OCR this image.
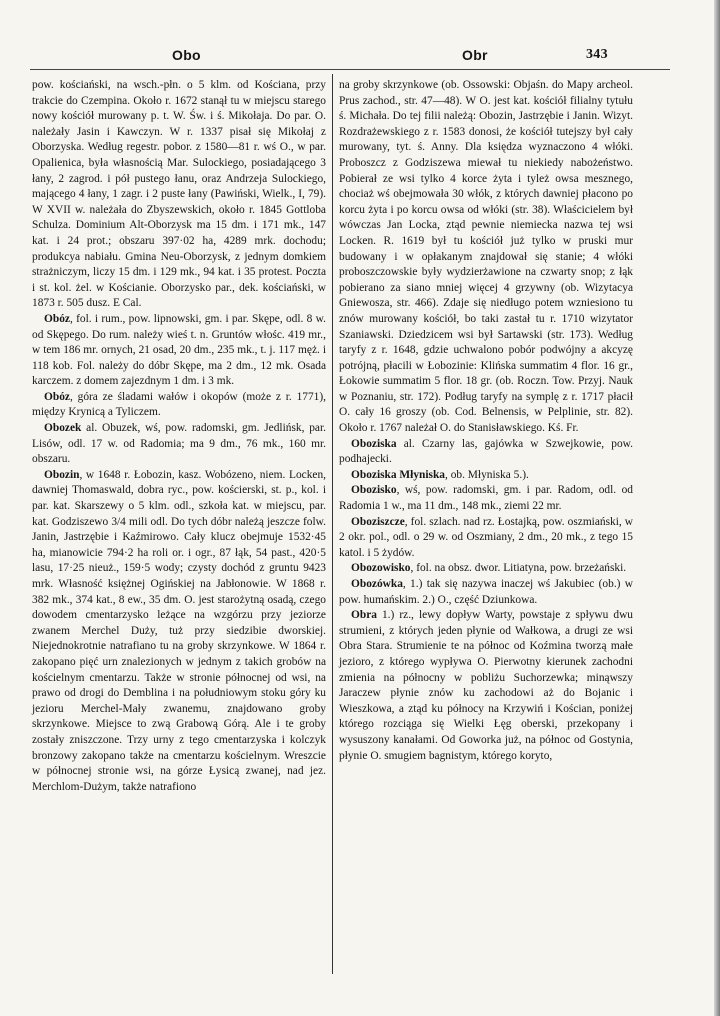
Obo	Obr	343

pow. kościański, na wsch.-płn. o 5 klm. od Kościana, przy trakcie do Czempina. Około r. 1672 stanął tu w miejscu starego nowy kościół murowany p. t. W. Św. i ś. Mikołaja. Do par. O. należały Jasin i Kawczyn. W r. 1337 pisał się Mikołaj z Oborzyska. Według regestr. pobor. z 1580—81 r. wś O., w par. Opalienica, była własnością Mar. Sulockiego, posiadającego 3 łany, 2 zagrod. i pół pustego łanu, oraz Andrzeja Sulockiego, mającego 4 łany, 1 zagr. i 2 puste łany (Pawiński, Wielk., I, 79). W XVII w. należała do Zbyszewskich, około r. 1845 Gottloba Schulza. Dominium Alt-Oborzysk ma 15 dm. i 171 mk., 147 kat. i 24 prot.; obszaru 397·02 ha, 4289 mrk. dochodu; produkcya nabiału. Gmina Neu-Oborzysk, z jednym domkiem strażniczym, liczy 15 dm. i 129 mk., 94 kat. i 35 protest. Poczta i st. kol. żel. w Kościanie. Oborzysko par., dek. kościański, w 1873 r. 505 dusz. E Cal.

Obóz, fol. i rum., pow. lipnowski, gm. i par. Skępe, odl. 8 w. od Skępego. Do rum. należy wieś t. n. Gruntów włośc. 419 mr., w tem 186 mr. ornych, 21 osad, 20 dm., 235 mk., t. j. 117 męż. i 118 kob. Fol. należy do dóbr Skępe, ma 2 dm., 12 mk. Osada karczem. z domem zajezdnym 1 dm. i 3 mk.

Obóz, góra ze śladami wałów i okopów (może z r. 1771), między Krynicą a Tyliczem.

Obozek al. Obuzek, wś, pow. radomski, gm. Jedlińsk, par. Lisów, odl. 17 w. od Radomia; ma 9 dm., 76 mk., 160 mr. obszaru.

Obozin, w 1648 r. Łobozin, kasz. Wobózeno, niem. Locken, dawniej Thomaswald, dobra ryc., pow. kościerski, st. p., kol. i par. kat. Skarszewy o 5 klm. odl., szkoła kat. w miejscu, par. kat. Godziszewo 3/4 mili odl. Do tych dóbr należą jeszcze folw. Janin, Jastrzębie i Kaźmirowo. Cały klucz obejmuje 1532·45 ha, mianowicie 794·2 ha roli or. i ogr., 87 łąk, 54 past., 420·5 lasu, 17·25 nieuż., 159·5 wody; czysty dochód z gruntu 9423 mrk. Własność księżnej Ogińskiej na Jabłonowie. W 1868 r. 382 mk., 374 kat., 8 ew., 35 dm. O. jest starożytną osadą, czego dowodem cmentarzysko leżące na wzgórzu przy jeziorze zwanem Merchel Duży, tuż przy siedzibie dworskiej. Niejednokrotnie natrafiano tu na groby skrzynkowe. W 1864 r. zakopano pięć urn znalezionych w jednym z takich grobów na kościelnym cmentarzu. Także w stronie północnej od wsi, na prawo od drogi do Demblina i na południowym stoku góry ku jezioru Merchel-Mały zwanemu, znajdowano groby skrzynkowe. Miejsce to zwą Grabową Górą. Ale i te groby zostały zniszczone. Trzy urny z tego cmentarzyska i kolczyk bronzowy zakopano także na cmentarzu kościelnym. Wreszcie w północnej stronie wsi, na górze Łysicą zwanej, nad jez. Merchlom-Dużym, także natrafiono

na groby skrzynkowe (ob. Ossowski: Objaśn. do Mapy archeol. Prus zachod., str. 47—48). W O. jest kat. kościół filialny tytułu ś. Michała. Do tej filii należą: Obozin, Jastrzębie i Janin. Wizyt. Rozdrażewskiego z r. 1583 donosi, że kościół tutejszy był cały murowany, tyt. ś. Anny. Dla księdza wyznaczono 4 włóki. Proboszcz z Godziszewa miewał tu niekiedy nabożeństwo. Pobierał ze wsi tylko 4 korce żyta i tyleż owsa mesznego, chociaż wś obejmowała 30 włók, z których dawniej płacono po korcu żyta i po korcu owsa od włóki (str. 38). Właścicielem był wówczas Jan Locka, ztąd pewnie niemiecka nazwa tej wsi Locken. R. 1619 był tu kościół już tylko w pruski mur budowany i w opłakanym znajdował się stanie; 4 włóki proboszczowskie były wydzierżawione na czwarty snop; z łąk pobierano za siano mniej więcej 4 grzywny (ob. Wizytacya Gniewosza, str. 466). Zdaje się niedługo potem wzniesiono tu znów murowany kościół, bo taki zastał tu r. 1710 wizytator Szaniawski. Dziedzicem wsi był Sartawski (str. 173). Według taryfy z r. 1648, gdzie uchwalono pobór podwójny a akcyzę potrójną, płacili w Łobozinie: Klińska summatim 4 flor. 16 gr., Łokowie summatim 5 flor. 18 gr. (ob. Roczn. Tow. Przyj. Nauk w Poznaniu, str. 172). Podług taryfy na symplę z r. 1717 płacił O. cały 16 groszy (ob. Cod. Belnensis, w Pelplinie, str. 82). Około r. 1767 należał O. do Stanisławskiego. Kś. Fr.

Oboziska al. Czarny las, gajówka w Szwejkowie, pow. podhajecki.

Oboziska Młyniska, ob. Młyniska 5.).

Obozisko, wś, pow. radomski, gm. i par. Radom, odl. od Radomia 1 w., ma 11 dm., 148 mk., ziemi 22 mr.

Oboziszcze, fol. szlach. nad rz. Łostajką, pow. oszmiański, w 2 okr. pol., odl. o 29 w. od Oszmiany, 2 dm., 20 mk., z tego 15 katol. i 5 żydów.

Obozowisko, fol. na obsz. dwor. Litiatyna, pow. brzeżański.

Obozówka, 1.) tak się nazywa inaczej wś Jakubiec (ob.) w pow. humańskim. 2.) O., część Dziunkowa.

Obra 1.) rz., lewy dopływ Warty, powstaje z spływu dwu strumieni, z których jeden płynie od Wałkowa, a drugi ze wsi Obra Stara. Strumienie te na północ od Koźmina tworzą małe jezioro, z którego wypływa O. Pierwotny kierunek zachodni zmienia na północny w pobliżu Suchorzewka; minąwszy Jaraczew płynie znów ku zachodowi aż do Bojanic i Wieszkowa, a ztąd ku północy na Krzywiń i Kościan, poniżej którego rozciąga się Wielki Łęg oberski, przekopany i wysuszony kanałami. Od Goworka już, na północ od Gostynia, płynie O. smugiem bagnistym, którego koryto,
